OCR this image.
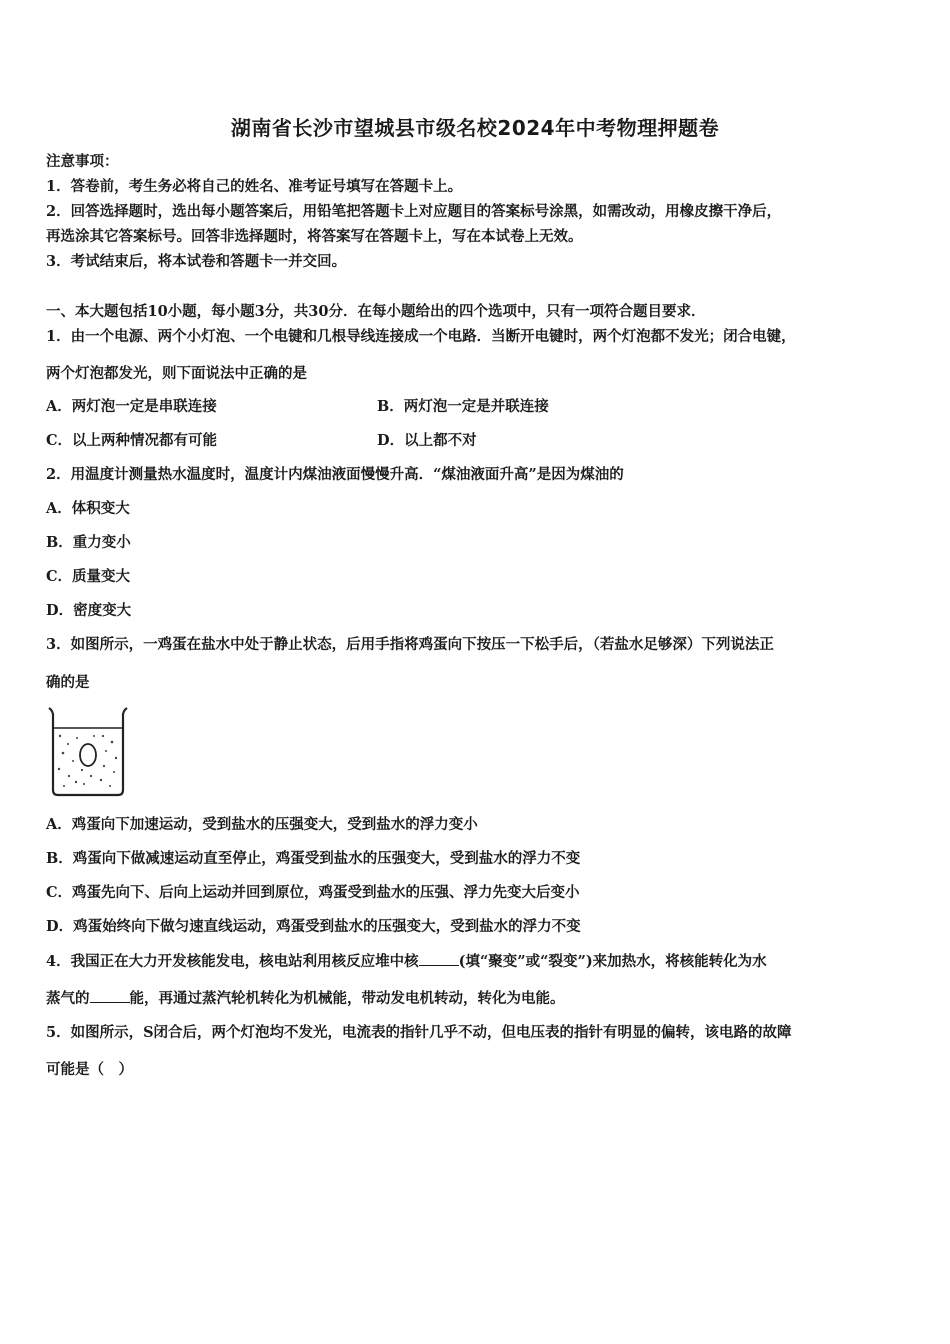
湖南省长沙市望城县市级名校2024年中考物理押题卷
注意事项：
1．答卷前，考生务必将自己的姓名、准考证号填写在答题卡上。
2．回答选择题时，选出每小题答案后，用铅笔把答题卡上对应题目的答案标号涂黑，如需改动，用橡皮擦干净后，
再选涂其它答案标号。回答非选择题时，将答案写在答题卡上，写在本试卷上无效。
3．考试结束后，将本试卷和答题卡一并交回。
一、本大题包括10小题，每小题3分，共30分．在每小题给出的四个选项中，只有一项符合题目要求．
1．由一个电源、两个小灯泡、一个电键和几根导线连接成一个电路．当断开电键时，两个灯泡都不发光；闭合电键，
两个灯泡都发光，则下面说法中正确的是
A．两灯泡一定是串联连接	B．两灯泡一定是并联连接
C．以上两种情况都有可能	D．以上都不对
2．用温度计测量热水温度时，温度计内煤油液面慢慢升高．“煤油液面升高”是因为煤油的
A．体积变大
B．重力变小
C．质量变大
D．密度变大
3．如图所示，一鸡蛋在盐水中处于静止状态，后用手指将鸡蛋向下按压一下松手后，（若盐水足够深）下列说法正
确的是
A．鸡蛋向下加速运动，受到盐水的压强变大，受到盐水的浮力变小
B．鸡蛋向下做减速运动直至停止，鸡蛋受到盐水的压强变大，受到盐水的浮力不变
C．鸡蛋先向下、后向上运动并回到原位，鸡蛋受到盐水的压强、浮力先变大后变小
D．鸡蛋始终向下做匀速直线运动，鸡蛋受到盐水的压强变大，受到盐水的浮力不变
4．我国正在大力开发核能发电，核电站利用核反应堆中核	(填“聚变”或“裂变”)来加热水，将核能转化为水
蒸气的	能，再通过蒸汽轮机转化为机械能，带动发电机转动，转化为电能。
5．如图所示，S闭合后，两个灯泡均不发光，电流表的指针几乎不动，但电压表的指针有明显的偏转，该电路的故障
可能是（　）
